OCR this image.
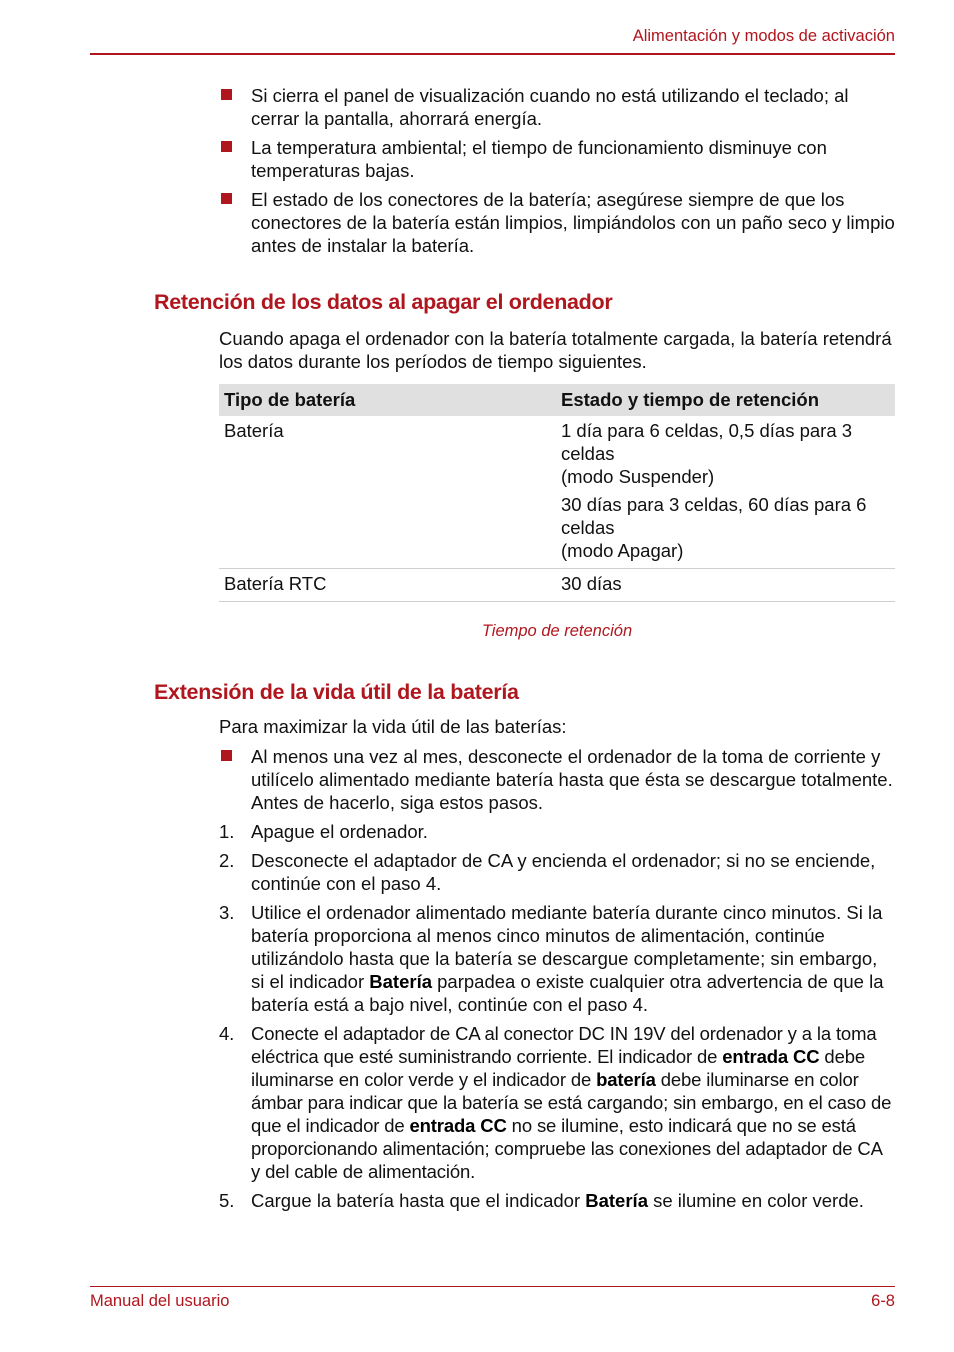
Alimentación y modos de activación
Si cierra el panel de visualización cuando no está utilizando el teclado; al cerrar la pantalla, ahorrará energía.
La temperatura ambiental; el tiempo de funcionamiento disminuye con temperaturas bajas.
El estado de los conectores de la batería; asegúrese siempre de que los conectores de la batería están limpios, limpiándolos con un paño seco y limpio antes de instalar la batería.
Retención de los datos al apagar el ordenador
Cuando apaga el ordenador con la batería totalmente cargada, la batería retendrá los datos durante los períodos de tiempo siguientes.
Tipo de batería	Estado y tiempo de retención
Batería	1 día para 6 celdas, 0,5 días para 3 celdas
(modo Suspender)

30 días para 3 celdas, 60 días para 6 celdas
(modo Apagar)

Batería RTC	30 días
Tiempo de retención
Extensión de la vida útil de la batería
Para maximizar la vida útil de las baterías:
Al menos una vez al mes, desconecte el ordenador de la toma de corriente y utilícelo alimentado mediante batería hasta que ésta se descargue totalmente. Antes de hacerlo, siga estos pasos.
1. Apague el ordenador.
2. Desconecte el adaptador de CA y encienda el ordenador; si no se enciende, continúe con el paso 4.
3. Utilice el ordenador alimentado mediante batería durante cinco minutos. Si la batería proporciona al menos cinco minutos de alimentación, continúe utilizándolo hasta que la batería se descargue completamente; sin embargo, si el indicador Batería parpadea o existe cualquier otra advertencia de que la batería está a bajo nivel, continúe con el paso 4.
4. Conecte el adaptador de CA al conector DC IN 19V del ordenador y a la toma eléctrica que esté suministrando corriente. El indicador de entrada CC debe iluminarse en color verde y el indicador de batería debe iluminarse en color ámbar para indicar que la batería se está cargando; sin embargo, en el caso de que el indicador de entrada CC no se ilumine, esto indicará que no se está proporcionando alimentación; compruebe las conexiones del adaptador de CA y del cable de alimentación.
5. Cargue la batería hasta que el indicador Batería se ilumine en color verde.
Manual del usuario	6-8
